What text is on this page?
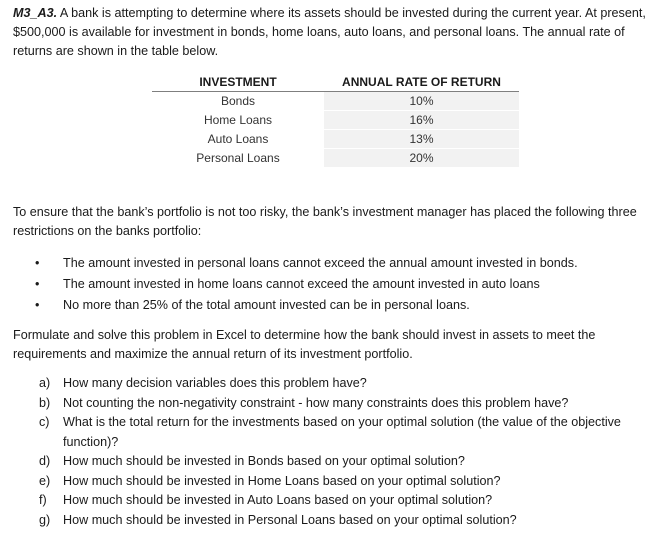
M3_A3. A bank is attempting to determine where its assets should be invested during the current year. At present, $500,000 is available for investment in bonds, home loans, auto loans, and personal loans. The annual rate of returns are shown in the table below.

INVESTMENT	ANNUAL RATE OF RETURN
Bonds	10%
Home Loans	16%
Auto Loans	13%
Personal Loans	20%

To ensure that the bank’s portfolio is not too risky, the bank’s investment manager has placed the following three restrictions on the banks portfolio:

• The amount invested in personal loans cannot exceed the annual amount invested in bonds.
• The amount invested in home loans cannot exceed the amount invested in auto loans
• No more than 25% of the total amount invested can be in personal loans.

Formulate and solve this problem in Excel to determine how the bank should invest in assets to meet the requirements and maximize the annual return of its investment portfolio.

a) How many decision variables does this problem have?
b) Not counting the non-negativity constraint - how many constraints does this problem have?
c) What is the total return for the investments based on your optimal solution (the value of the objective function)?
d) How much should be invested in Bonds based on your optimal solution?
e) How much should be invested in Home Loans based on your optimal solution?
f) How much should be invested in Auto Loans based on your optimal solution?
g) How much should be invested in Personal Loans based on your optimal solution?
